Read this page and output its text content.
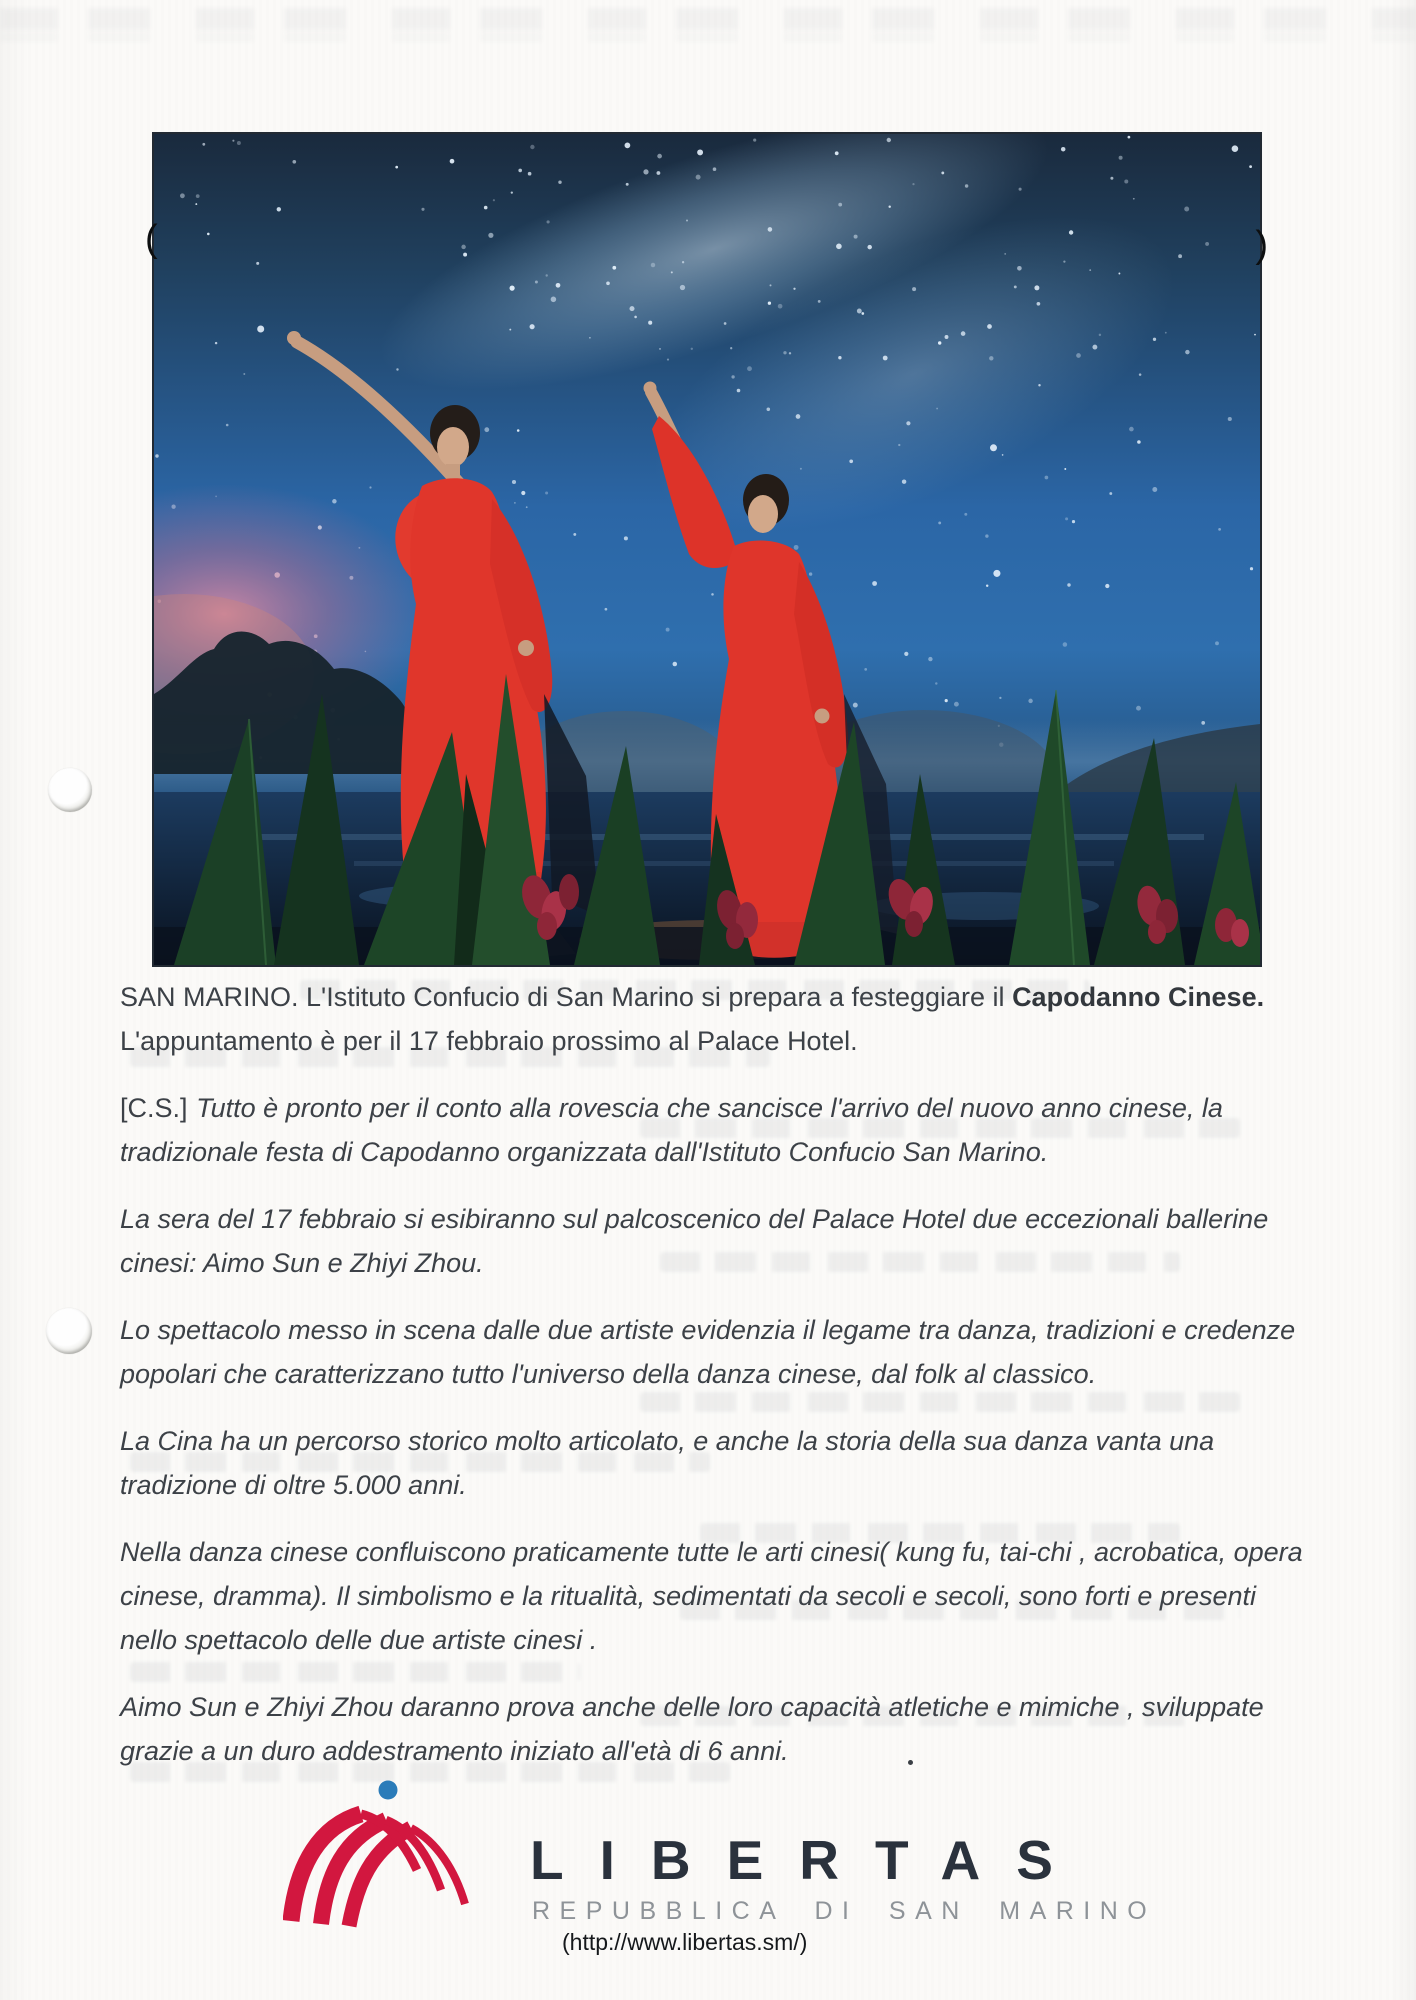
(	)

SAN MARINO. L'Istituto Confucio di San Marino si prepara a festeggiare il Capodanno Cinese. L'appuntamento è per il 17 febbraio prossimo al Palace Hotel.

[C.S.] Tutto è pronto per il conto alla rovescia che sancisce l'arrivo del nuovo anno cinese, la tradizionale festa di Capodanno organizzata dall'Istituto Confucio San Marino.

La sera del 17 febbraio si esibiranno sul palcoscenico del Palace Hotel due eccezionali ballerine cinesi: Aimo Sun e Zhiyi Zhou.

Lo spettacolo messo in scena dalle due artiste evidenzia il legame tra danza, tradizioni e credenze popolari che caratterizzano tutto l'universo della danza cinese, dal folk al classico.

La Cina ha un percorso storico molto articolato, e anche la storia della sua danza vanta una tradizione di oltre 5.000 anni.

Nella danza cinese confluiscono praticamente tutte le arti cinesi( kung fu, tai-chi , acrobatica, opera cinese, dramma). Il simbolismo e la ritualità, sedimentati da secoli e secoli, sono forti e presenti nello spettacolo delle due artiste cinesi .

Aimo Sun e Zhiyi Zhou daranno prova anche delle loro capacità atletiche e mimiche , sviluppate grazie a un duro addestramento iniziato all'età di 6 anni.

LIBERTAS
REPUBBLICA DI SAN MARINO
(http://www.libertas.sm/)
